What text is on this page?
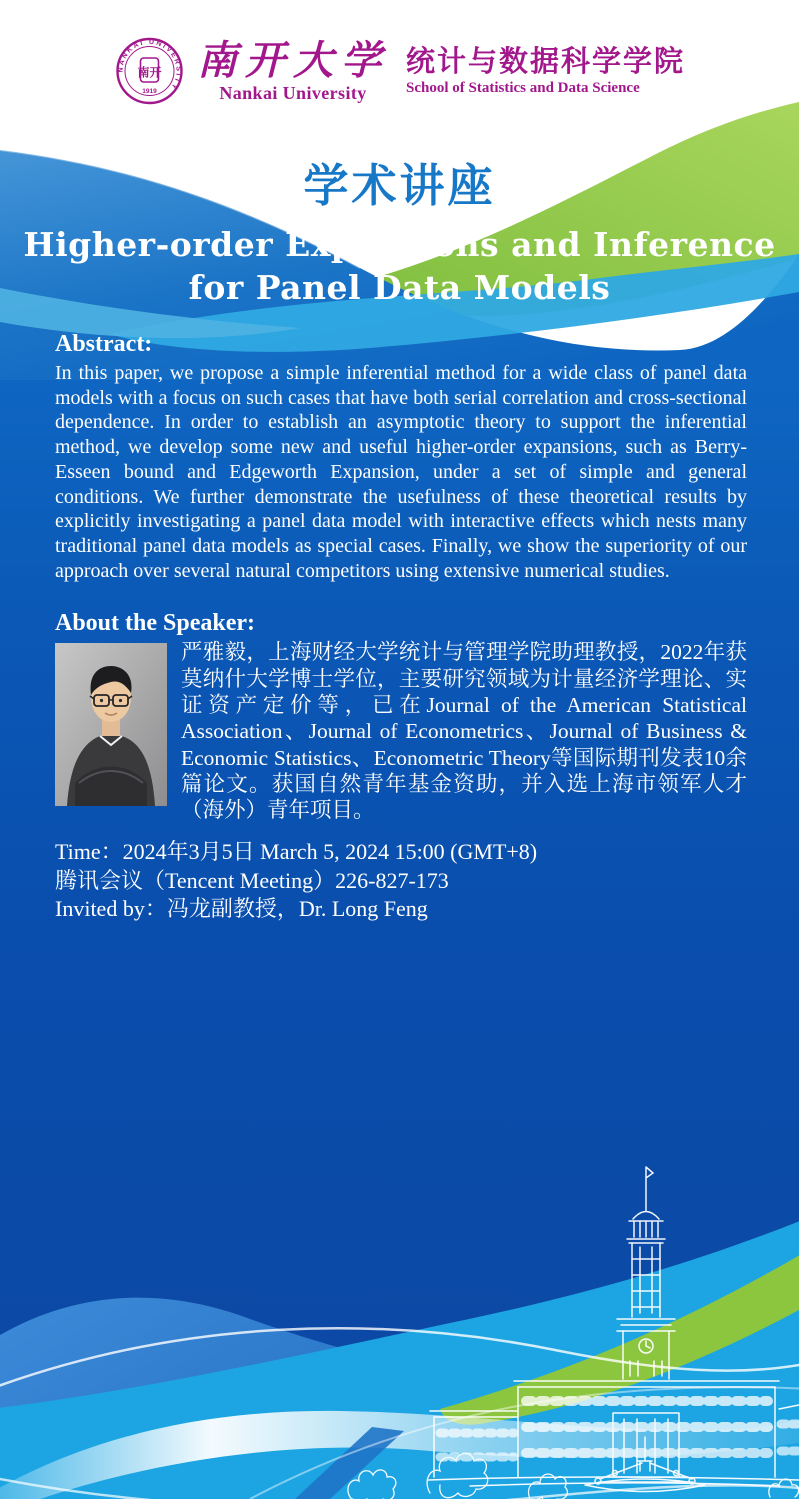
NANKAI UNIVERSITY
南开
1919
南开大学
Nankai University
统计与数据科学学院
School of Statistics and Data Science
学术讲座
Higher-order Expansions and Inference
for Panel Data Models
Abstract:

In this paper, we propose a simple inferential method for a wide class of panel data models with a focus on such cases that have both serial correlation and cross-sectional dependence. In order to establish an asymptotic theory to support the inferential method, we develop some new and useful higher-order expansions, such as Berry-Esseen bound and Edgeworth Expansion, under a set of simple and general conditions. We further demonstrate the usefulness of these theoretical results by explicitly investigating a panel data model with interactive effects which nests many traditional panel data models as special cases. Finally, we show the superiority of our approach over several natural competitors using extensive numerical studies.

About the Speaker:

严雅毅，上海财经大学统计与管理学院助理教授，2022年获莫纳什大学博士学位，主要研究领域为计量经济学理论、实证资产定价等，已在Journal of the American Statistical Association、Journal of Econometrics、Journal of Business & Economic Statistics、Econometric Theory等国际期刊发表10余篇论文。获国自然青年基金资助，并入选上海市领军人才（海外）青年项目。

Time：2024年3月5日 March 5, 2024 15:00 (GMT+8)
腾讯会议（Tencent Meeting）226-827-173
Invited by：冯龙副教授，Dr. Long Feng
